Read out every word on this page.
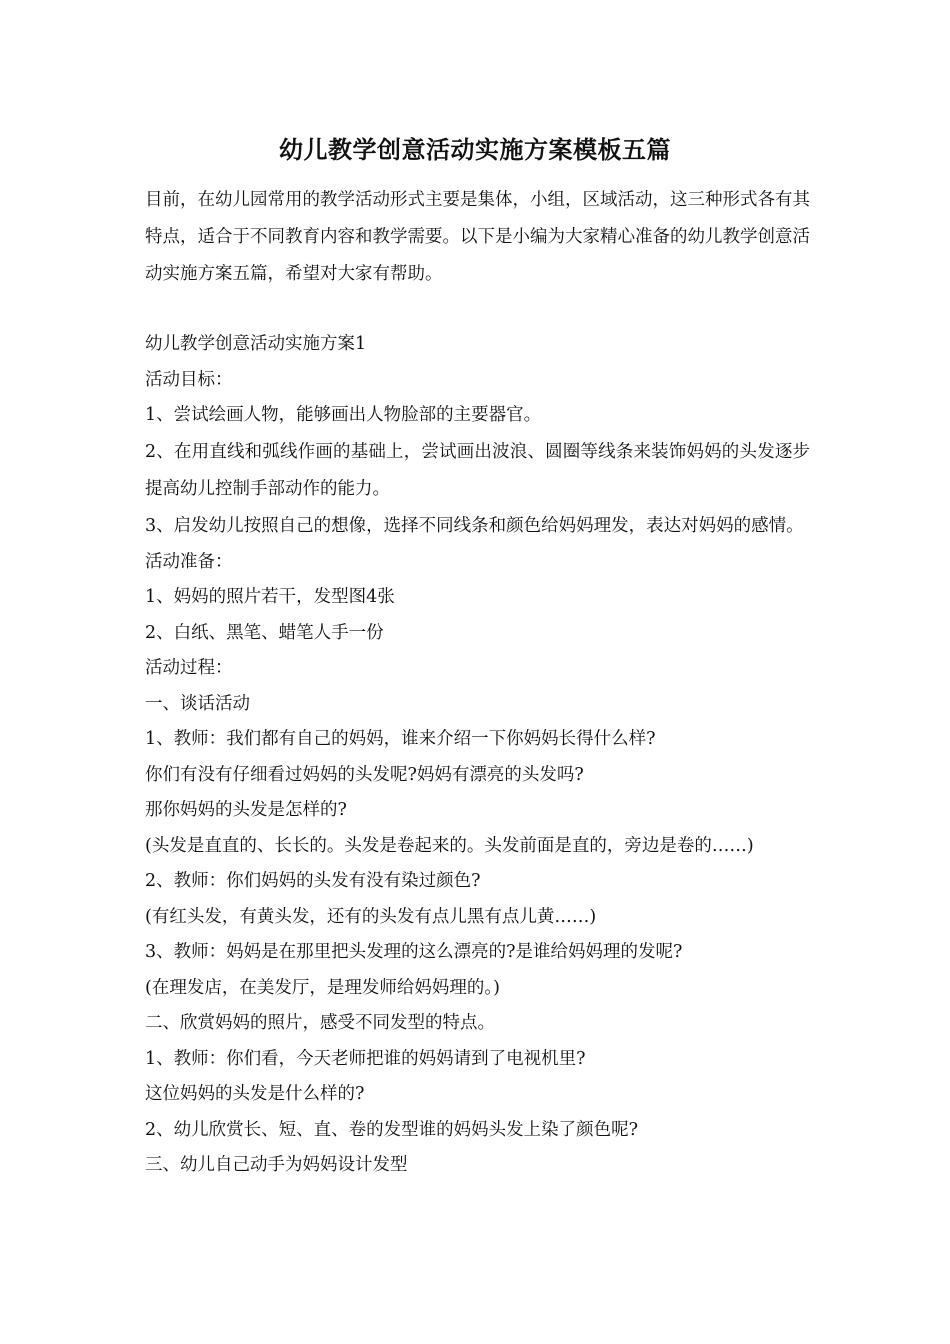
幼儿教学创意活动实施方案模板五篇
目前，在幼儿园常用的教学活动形式主要是集体，小组，区域活动，这三种形式各有其特点，适合于不同教育内容和教学需要。以下是小编为大家精心准备的幼儿教学创意活动实施方案五篇，希望对大家有帮助。
幼儿教学创意活动实施方案1
活动目标：
1、尝试绘画人物，能够画出人物脸部的主要器官。
2、在用直线和弧线作画的基础上，尝试画出波浪、圆圈等线条来装饰妈妈的头发逐步提高幼儿控制手部动作的能力。
3、启发幼儿按照自己的想像，选择不同线条和颜色给妈妈理发，表达对妈妈的感情。
活动准备：
1、妈妈的照片若干，发型图4张
2、白纸、黑笔、蜡笔人手一份
活动过程：
一、谈话活动
1、教师：我们都有自己的妈妈，谁来介绍一下你妈妈长得什么样?
你们有没有仔细看过妈妈的头发呢?妈妈有漂亮的头发吗?
那你妈妈的头发是怎样的?
(头发是直直的、长长的。头发是卷起来的。头发前面是直的，旁边是卷的……)
2、教师：你们妈妈的头发有没有染过颜色?
(有红头发，有黄头发，还有的头发有点儿黑有点儿黄……)
3、教师：妈妈是在那里把头发理的这么漂亮的?是谁给妈妈理的发呢?
(在理发店，在美发厅，是理发师给妈妈理的。)
二、欣赏妈妈的照片，感受不同发型的特点。
1、教师：你们看，今天老师把谁的妈妈请到了电视机里?
这位妈妈的头发是什么样的?
2、幼儿欣赏长、短、直、卷的发型谁的妈妈头发上染了颜色呢?
三、幼儿自己动手为妈妈设计发型
